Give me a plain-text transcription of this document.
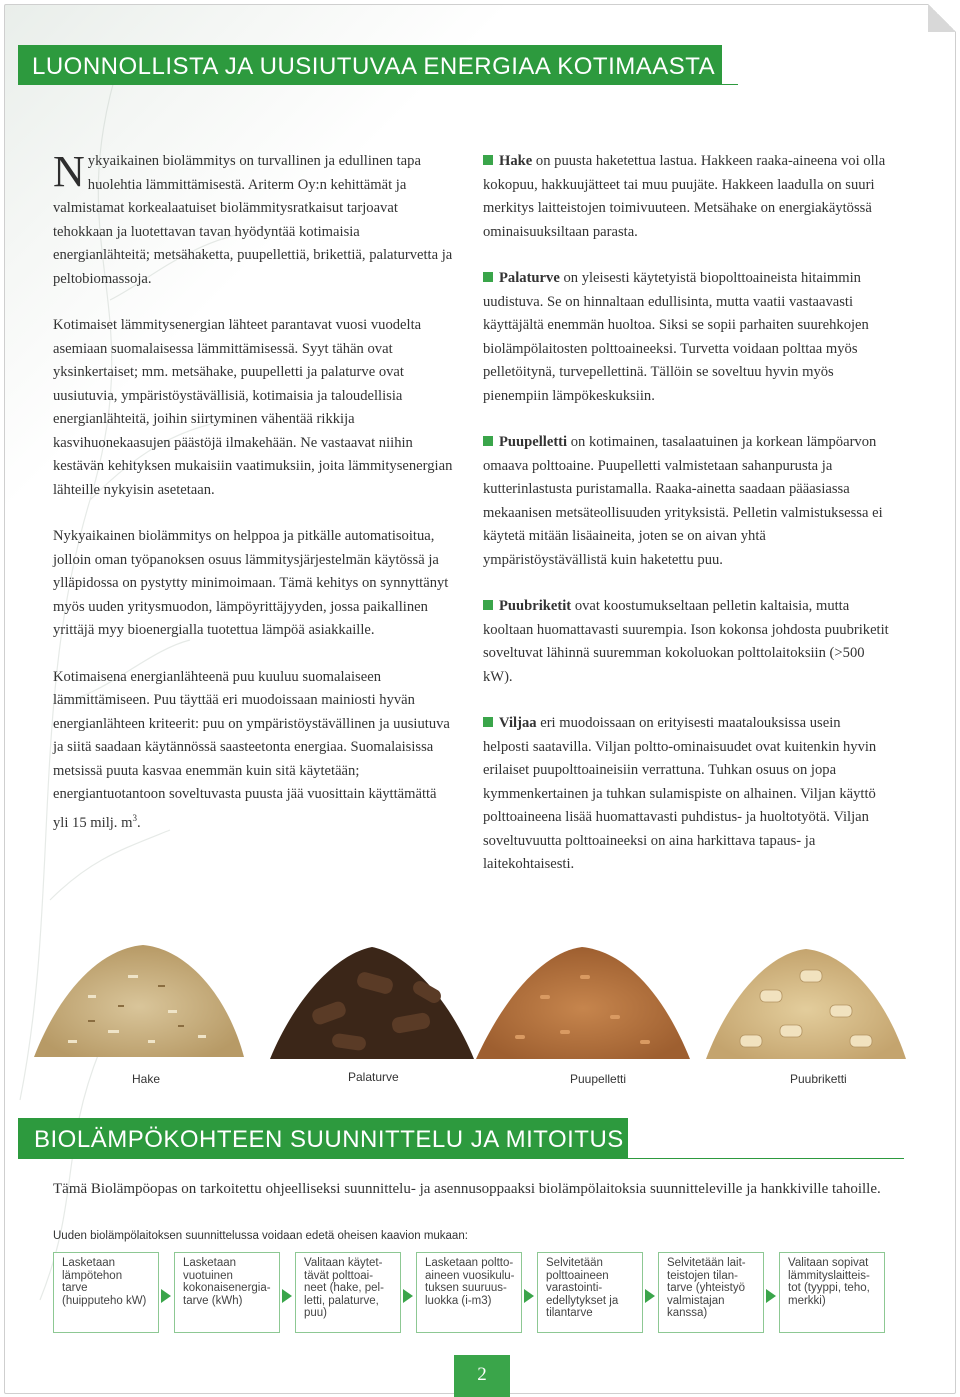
LUONNOLLISTA JA UUSIUTUVAA ENERGIAA KOTIMAASTA

Nykyaikainen biolämmitys on turvallinen ja edullinen tapa huolehtia lämmittämisestä. Ariterm Oy:n kehittämät ja valmistamat korkealaatuiset biolämmitysratkaisut tarjoavat tehokkaan ja luotettavan tavan hyödyntää kotimaisia energianlähteitä; metsähaketta, puupellettiä, brikettiä, palaturvetta ja peltobiomassoja.

Kotimaiset lämmitysenergian lähteet parantavat vuosi vuodelta asemiaan suomalaisessa lämmittämisessä. Syyt tähän ovat yksinkertaiset; mm. metsähake, puupelletti ja palaturve ovat uusiutuvia, ympäristöystävällisiä, kotimaisia ja taloudellisia energianlähteitä, joihin siirtyminen vähentää rikkija kasvihuonekaasujen päästöjä ilmakehään. Ne vastaavat niihin kestävän kehityksen mukaisiin vaatimuksiin, joita lämmitysenergian lähteille nykyisin asetetaan.

Nykyaikainen biolämmitys on helppoa ja pitkälle automatisoitua, jolloin oman työpanoksen osuus lämmitysjärjestelmän käytössä ja ylläpidossa on pystytty minimoimaan. Tämä kehitys on synnyttänyt myös uuden yritysmuodon, lämpöyrittäjyyden, jossa paikallinen yrittäjä myy bioenergialla tuotettua lämpöä asiakkaille.

Kotimaisena energianlähteenä puu kuuluu suomalaiseen lämmittämiseen. Puu täyttää eri muodoissaan mainiosti hyvän energianlähteen kriteerit: puu on ympäristöystävällinen ja uusiutuva ja siitä saadaan käytännössä saasteetonta energiaa. Suomalaisissa metsissä puuta kasvaa enemmän kuin sitä käytetään; energiantuotantoon soveltuvasta puusta jää vuosittain käyttämättä yli 15 milj. $m^3$.

Hake on puusta haketettua lastua. Hakkeen raaka-aineena voi olla kokopuu, hakkuujätteet tai muu puujäte. Hakkeen laadulla on suuri merkitys laitteistojen toimivuuteen. Metsähake on energiakäytössä ominaisuuksiltaan parasta.

Palaturve on yleisesti käytetyistä biopolttoaineista hitaimmin uudistuva. Se on hinnaltaan edullisinta, mutta vaatii vastaavasti käyttäjältä enemmän huoltoa. Siksi se sopii parhaiten suurehkojen biolämpölaitosten polttoaineeksi. Turvetta voidaan polttaa myös pelletöitynä, turvepellettinä. Tällöin se soveltuu hyvin myös pienempiin lämpökeskuksiin.

Puupelletti on kotimainen, tasalaatuinen ja korkean lämpöarvon omaava polttoaine. Puupelletti valmistetaan sahanpurusta ja kutterinlastusta puristamalla. Raaka-ainetta saadaan pääasiassa mekaanisen metsäteollisuuden yrityksistä. Pelletin valmistuksessa ei käytetä mitään lisäaineita, joten se on aivan yhtä ympäristöystävällistä kuin haketettu puu.

Puubriketit ovat koostumukseltaan pelletin kaltaisia, mutta kooltaan huomattavasti suurempia. Ison kokonsa johdosta puubriketit soveltuvat lähinnä suuremman kokoluokan polttolaitoksiin (>500 kW).

Viljaa eri muodoissaan on erityisesti maatalouksissa usein helposti saatavilla. Viljan poltto-ominaisuudet ovat kuitenkin hyvin erilaiset puupolttoaineisiin verrattuna. Tuhkan osuus on jopa kymmenkertainen ja tuhkan sulamispiste on alhainen. Viljan käyttö polttoaineena lisää huomattavasti puhdistus- ja huoltotyötä. Viljan soveltuvuutta polttoaineeksi on aina harkittava tapaus- ja laitekohtaisesti.

Hake	Palaturve	Puupelletti	Puubriketti
BIOLÄMPÖKOHTEEN SUUNNITTELU JA MITOITUS
Tämä Biolämpöopas on tarkoitettu ohjeelliseksi suunnittelu- ja asennusoppaaksi biolämpölaitoksia suunnitteleville ja hankkiville tahoille.
Uuden biolämpölaitoksen suunnittelussa voidaan edetä oheisen kaavion mukaan:
Lasketaan
lämpötehon
tarve
(huipputeho kW)
Lasketaan
vuotuinen
kokonaisenergia-
tarve (kWh)
Valitaan käytet-
tävät polttoai-
neet (hake, pel-
letti, palaturve,
puu)
Lasketaan poltto-
aineen vuosikulu-
tuksen suuruus-
luokka (i-m3)
Selvitetään
polttoaineen
varastointi-
edellytykset ja
tilantarve
Selvitetään lait-
teistojen tilan-
tarve (yhteistyö
valmistajan
kanssa)
Valitaan sopivat
lämmityslaitteis-
tot (tyyppi, teho,
merkki)
2
